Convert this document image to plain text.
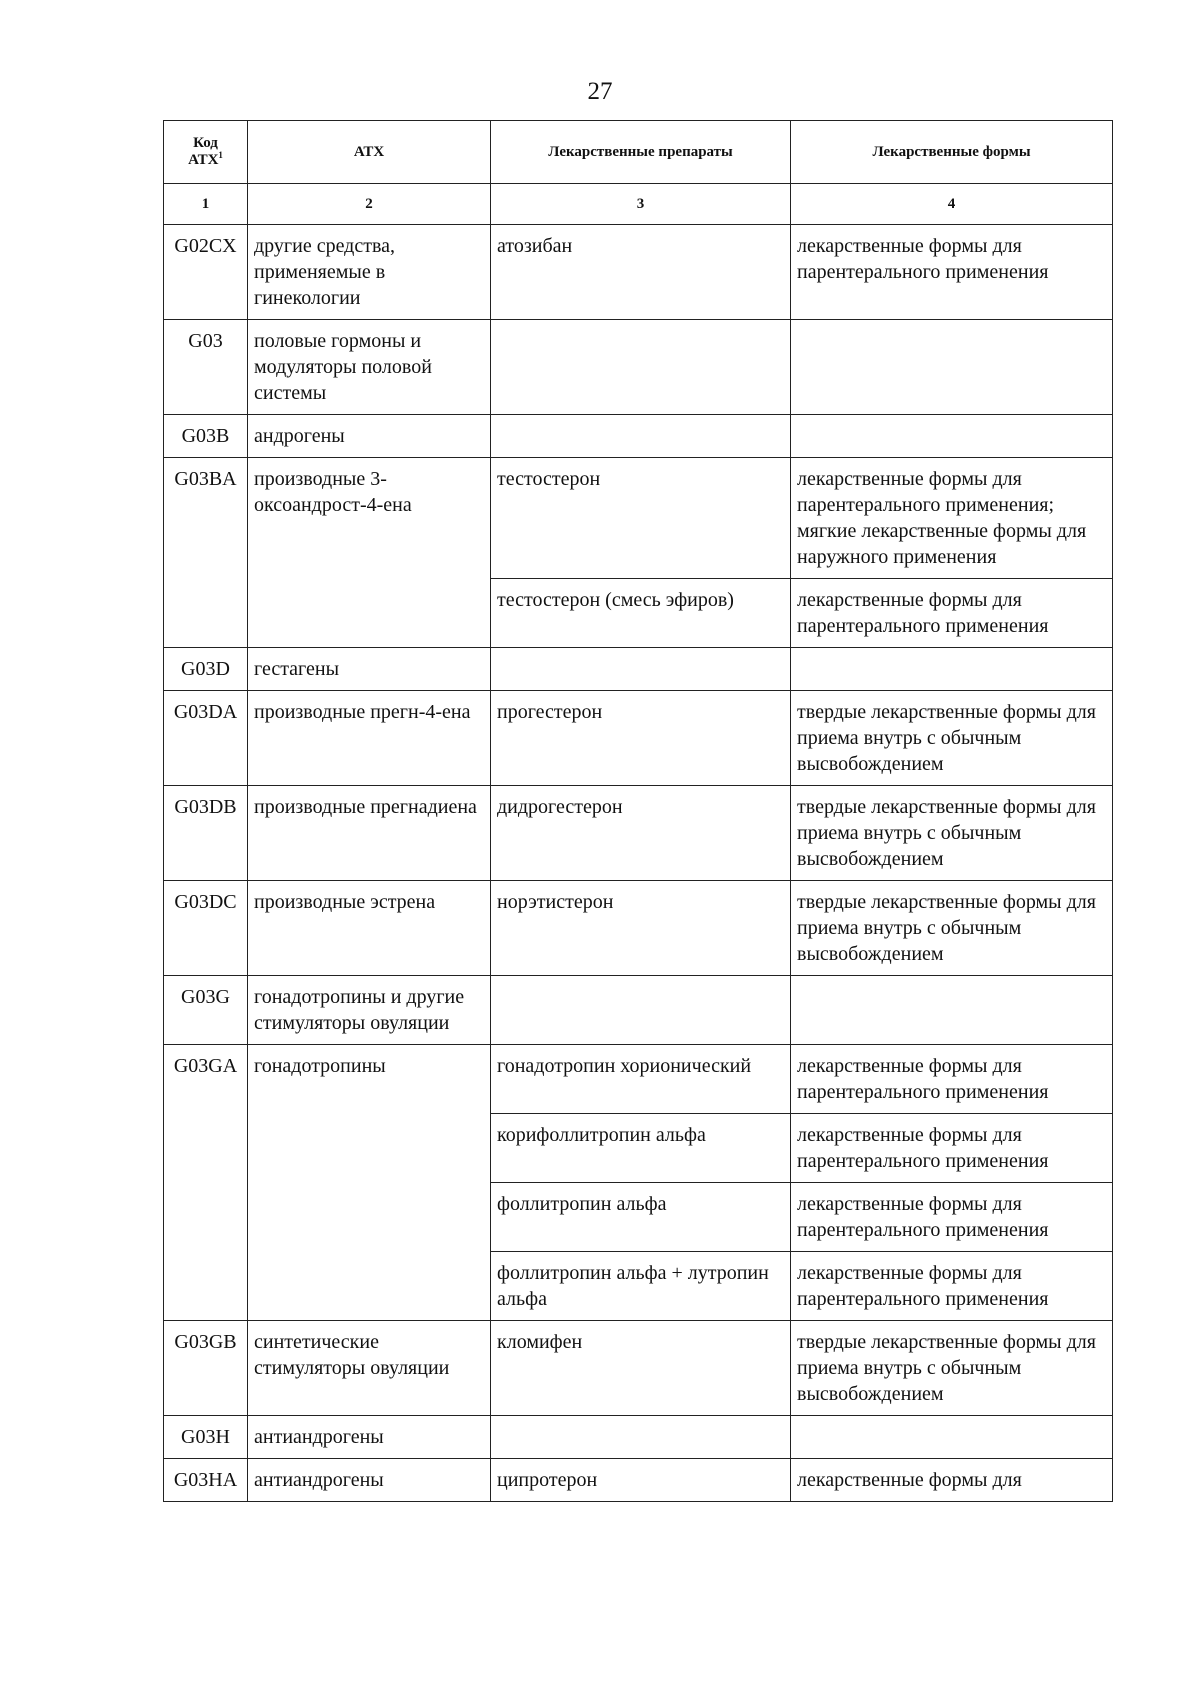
27
Код
АТХ$^1$	АТХ	Лекарственные препараты	Лекарственные формы
1	2	3	4
G02CX	другие средства, применяемые в гинекологии	атозибан	лекарственные формы для парентерального применения
G03	половые гормоны и модуляторы половой системы		
G03B	андрогены		
G03BA	производные 3-оксоандрост-4-ена	тестостерон	лекарственные формы для парентерального применения; мягкие лекарственные формы для наружного применения
		тестостерон (смесь эфиров)	лекарственные формы для парентерального применения
G03D	гестагены		
G03DA	производные прегн-4-ена	прогестерон	твердые лекарственные формы для приема внутрь с обычным высвобождением
G03DB	производные прегнадиена	дидрогестерон	твердые лекарственные формы для приема внутрь с обычным высвобождением
G03DC	производные эстрена	норэтистерон	твердые лекарственные формы для приема внутрь с обычным высвобождением
G03G	гонадотропины и другие стимуляторы овуляции		
G03GA	гонадотропины	гонадотропин хорионический	лекарственные формы для парентерального применения
		корифоллитропин альфа	лекарственные формы для парентерального применения
		фоллитропин альфа	лекарственные формы для парентерального применения
		фоллитропин альфа + лутропин альфа	лекарственные формы для парентерального применения
G03GB	синтетические стимуляторы овуляции	кломифен	твердые лекарственные формы для приема внутрь с обычным высвобождением
G03H	антиандрогены		
G03HA	антиандрогены	ципротерон	лекарственные формы для
